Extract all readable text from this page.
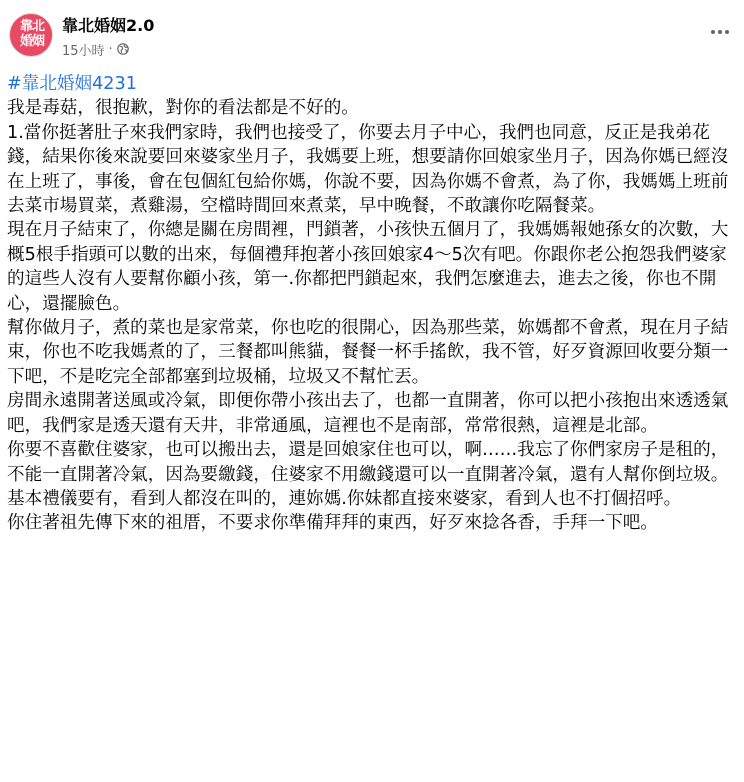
靠北
婚姻
靠北婚姻2.0
15小時 ·

#靠北婚姻4231

我是毒菇，很抱歉，對你的看法都是不好的。

1.當你挺著肚子來我們家時，我們也接受了，你要去月子中心，我們也同意，反正是我弟花錢，結果你後來說要回來婆家坐月子，我媽要上班，想要請你回娘家坐月子，因為你媽已經沒在上班了，事後，會在包個紅包給你媽，你說不要，因為你媽不會煮，為了你，我媽媽上班前去菜市場買菜，煮雞湯，空檔時間回來煮菜，早中晚餐，不敢讓你吃隔餐菜。

現在月子結束了，你總是關在房間裡，門鎖著，小孩快五個月了，我媽媽報她孫女的次數，大概5根手指頭可以數的出來，每個禮拜抱著小孩回娘家4～5次有吧。你跟你老公抱怨我們婆家的這些人沒有人要幫你顧小孩，第一.你都把門鎖起來，我們怎麼進去，進去之後，你也不開心，還擺臉色。

幫你做月子，煮的菜也是家常菜，你也吃的很開心，因為那些菜，妳媽都不會煮，現在月子結束，你也不吃我媽煮的了，三餐都叫熊貓，餐餐一杯手搖飲，我不管，好歹資源回收要分類一下吧，不是吃完全部都塞到垃圾桶，垃圾又不幫忙丟。

房間永遠開著送風或冷氣，即便你帶小孩出去了，也都一直開著，你可以把小孩抱出來透透氣吧，我們家是透天還有天井，非常通風，這裡也不是南部，常常很熱，這裡是北部。

你要不喜歡住婆家，也可以搬出去，還是回娘家住也可以，啊……我忘了你們家房子是租的，不能一直開著冷氣，因為要繳錢，住婆家不用繳錢還可以一直開著冷氣，還有人幫你倒垃圾。

基本禮儀要有，看到人都沒在叫的，連妳媽.你妹都直接來婆家，看到人也不打個招呼。

你住著祖先傳下來的祖厝，不要求你準備拜拜的東西，好歹來捻各香，手拜一下吧。
